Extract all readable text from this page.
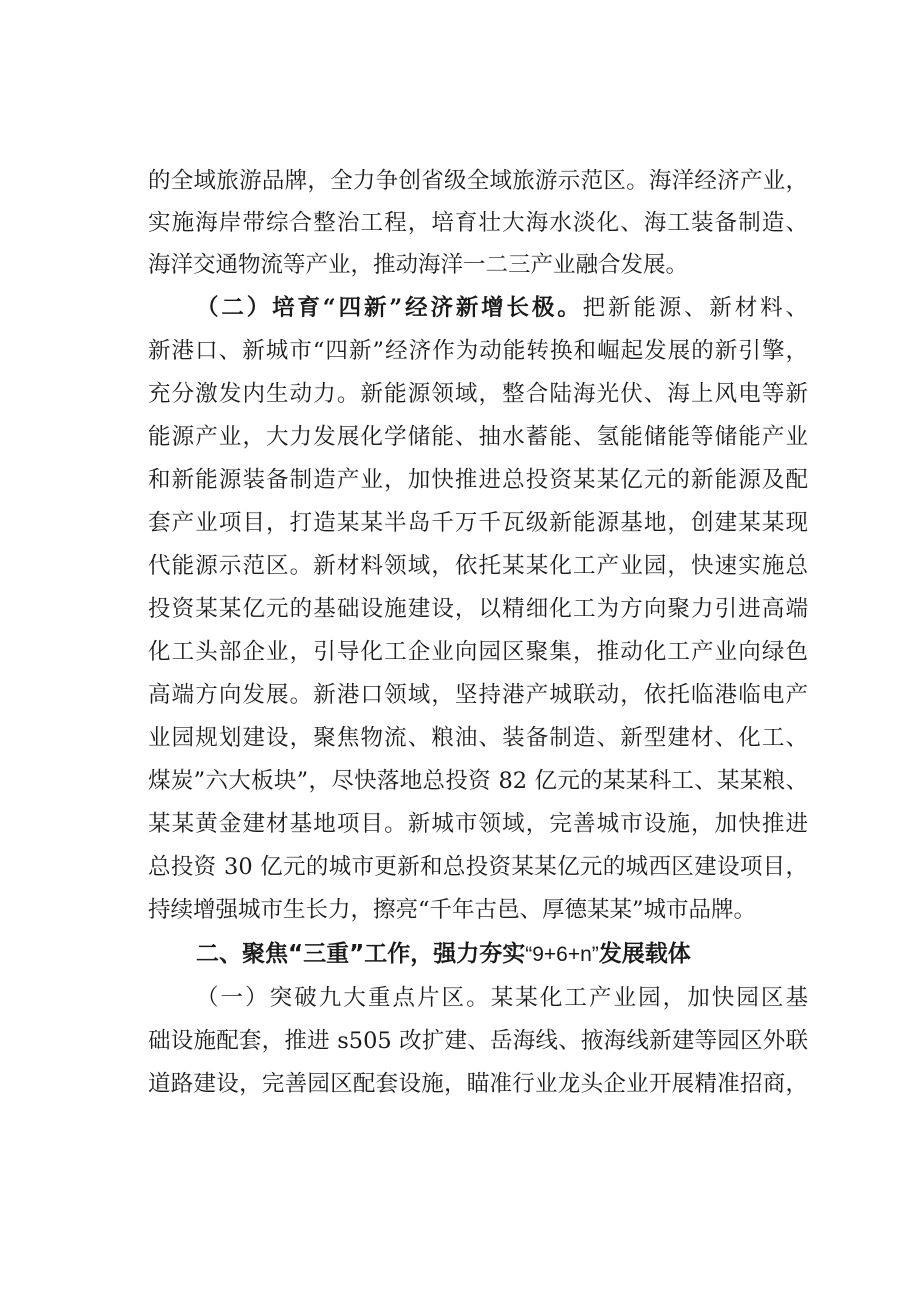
的全域旅游品牌，全力争创省级全域旅游示范区。海洋经济产业，
实施海岸带综合整治工程，培育壮大海水淡化、海工装备制造、
海洋交通物流等产业，推动海洋一二三产业融合发展。
（二）培育“四新”经济新增长极。把新能源、新材料、
新港口、新城市“四新”经济作为动能转换和崛起发展的新引擎，
充分激发内生动力。新能源领域，整合陆海光伏、海上风电等新
能源产业，大力发展化学储能、抽水蓄能、氢能储能等储能产业
和新能源装备制造产业，加快推进总投资某某亿元的新能源及配
套产业项目，打造某某半岛千万千瓦级新能源基地，创建某某现
代能源示范区。新材料领域，依托某某化工产业园，快速实施总
投资某某亿元的基础设施建设，以精细化工为方向聚力引进高端
化工头部企业，引导化工企业向园区聚集，推动化工产业向绿色
高端方向发展。新港口领域，坚持港产城联动，依托临港临电产
业园规划建设，聚焦物流、粮油、装备制造、新型建材、化工、
煤炭”六大板块”，尽快落地总投资 82 亿元的某某科工、某某粮、
某某黄金建材基地项目。新城市领域，完善城市设施，加快推进
总投资 30 亿元的城市更新和总投资某某亿元的城西区建设项目，
持续增强城市生长力，擦亮“千年古邑、厚德某某”城市品牌。
二、聚焦“三重”工作，强力夯实“9+6+n”发展载体
（一）突破九大重点片区。某某化工产业园，加快园区基
础设施配套，推进 s505 改扩建、岳海线、掖海线新建等园区外联
道路建设，完善园区配套设施，瞄准行业龙头企业开展精准招商，
